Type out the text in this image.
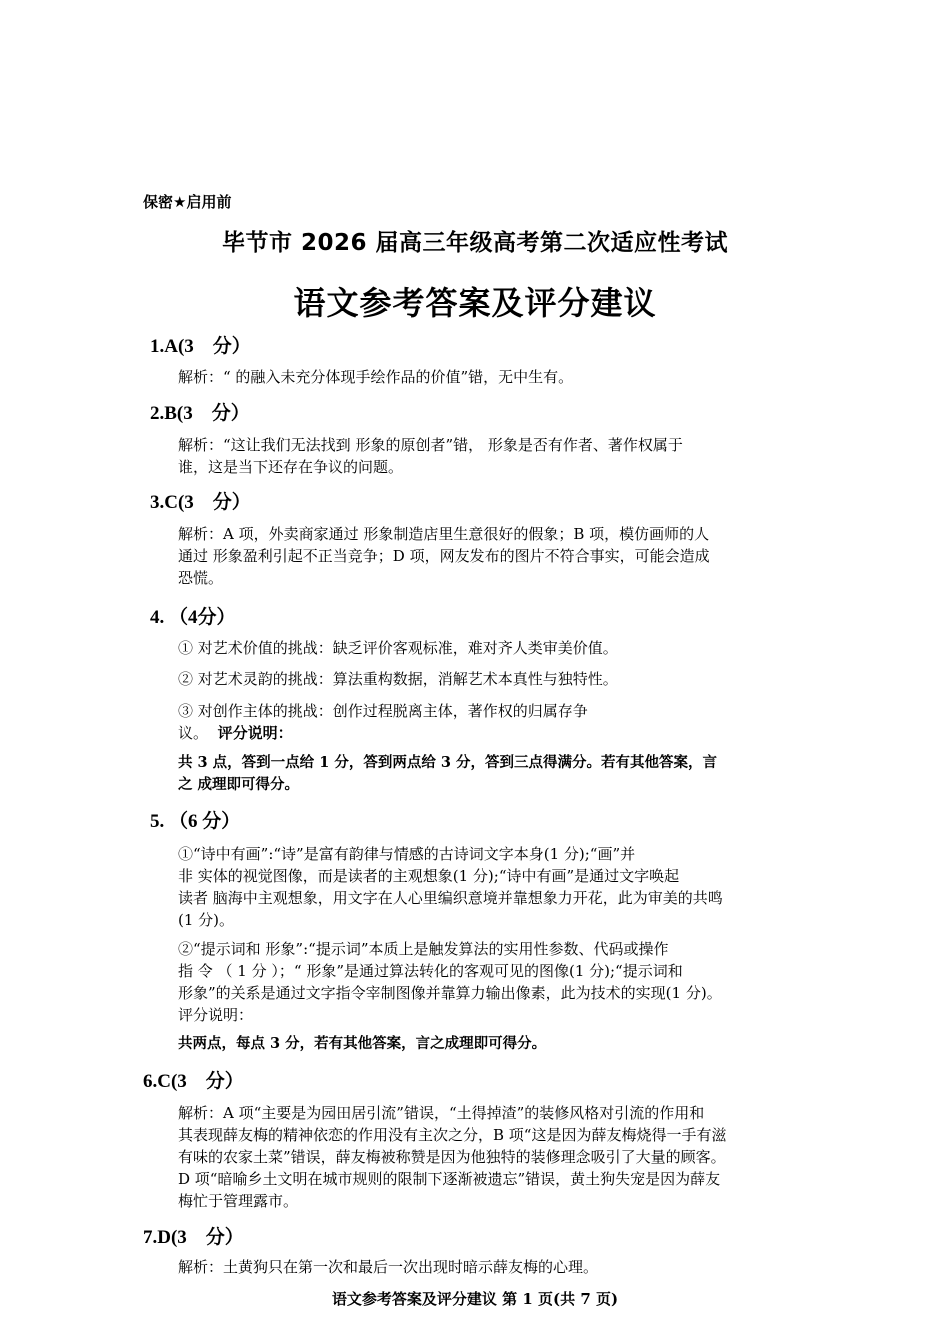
保密★启用前
毕节市 2026 届高三年级高考第二次适应性考试
语文参考答案及评分建议
1.A(3　分）
解析：“ 的融入未充分体现手绘作品的价值”错，无中生有。
2.B(3　分）
解析：“这让我们无法找到 形象的原创者”错， 形象是否有作者、著作权属于
谁，这是当下还存在争议的问题。
3.C(3　分）
解析：A 项，外卖商家通过 形象制造店里生意很好的假象；B 项，模仿画师的人
通过 形象盈利引起不正当竞争；D 项，网友发布的图片不符合事实，可能会造成
恐慌。
4. （4分）
① 对艺术价值的挑战：缺乏评价客观标准，难对齐人类审美价值。
② 对艺术灵韵的挑战：算法重构数据，消解艺术本真性与独特性。
③ 对创作主体的挑战：创作过程脱离主体，著作权的归属存争
议。 评分说明：
共 3 点，答到一点给 1 分，答到两点给 3 分，答到三点得满分。若有其他答案，言
之 成理即可得分。
5. （6 分）
①“诗中有画”:“诗”是富有韵律与情感的古诗词文字本身(1 分);“画”并
非 实体的视觉图像，而是读者的主观想象(1 分);“诗中有画”是通过文字唤起
读者 脑海中主观想象，用文字在人心里编织意境并靠想象力开花，此为审美的共鸣
(1 分)。
②“提示词和 形象”:“提示词”本质上是触发算法的实用性参数、代码或操作
指 令 （ 1 分 ）；“ 形象”是通过算法转化的客观可见的图像(1 分);“提示词和
形象”的关系是通过文字指令宰制图像并靠算力输出像素，此为技术的实现(1 分)。
评分说明：
共两点，每点 3 分，若有其他答案，言之成理即可得分。
6.C(3　分）
解析：A 项“主要是为园田居引流”错误，“土得掉渣”的装修风格对引流的作用和
其表现薛友梅的精神依恋的作用没有主次之分，B 项“这是因为薛友梅烧得一手有滋
有味的农家土菜”错误，薛友梅被称赞是因为他独特的装修理念吸引了大量的顾客。
D 项“暗喻乡土文明在城市规则的限制下逐渐被遗忘”错误，黄土狗失宠是因为薛友
梅忙于管理露市。
7.D(3　分）
解析：土黄狗只在第一次和最后一次出现时暗示薛友梅的心理。
语文参考答案及评分建议 第 1 页(共 7 页)
